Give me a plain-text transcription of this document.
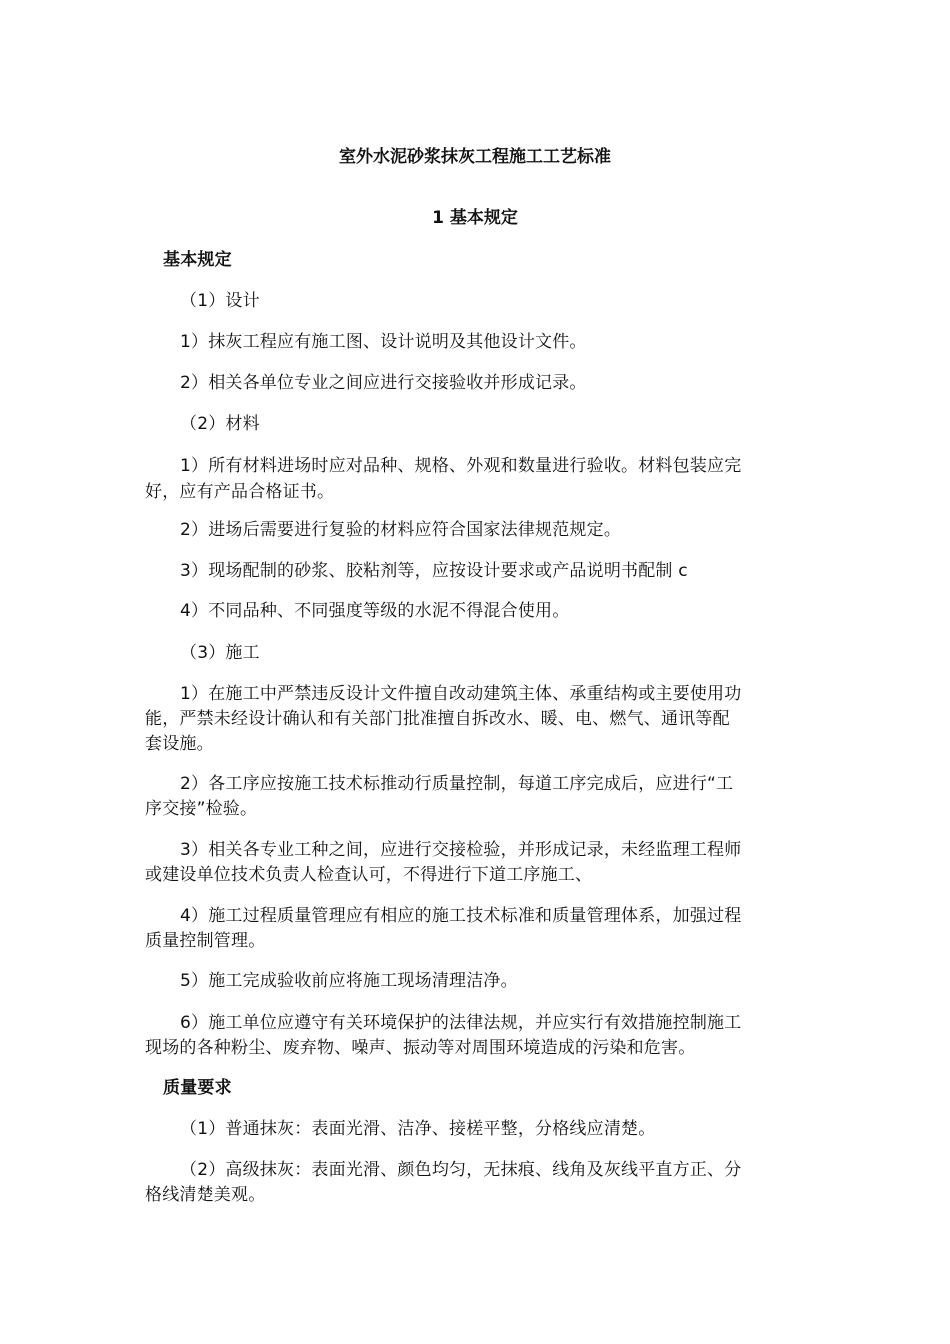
室外水泥砂浆抹灰工程施工工艺标准
1 基本规定
基本规定
（1）设计
1）抹灰工程应有施工图、设计说明及其他设计文件。
2）相关各单位专业之间应进行交接验收并形成记录。
（2）材料
1）所有材料进场时应对品种、规格、外观和数量进行验收。材料包装应完
好，应有产品合格证书。
2）进场后需要进行复验的材料应符合国家法律规范规定。
3）现场配制的砂浆、胶粘剂等，应按设计要求或产品说明书配制 c
4）不同品种、不同强度等级的水泥不得混合使用。
（3）施工
1）在施工中严禁违反设计文件擅自改动建筑主体、承重结构或主要使用功
能，严禁未经设计确认和有关部门批准擅自拆改水、暖、电、燃气、通讯等配
套设施。
2）各工序应按施工技术标推动行质量控制，每道工序完成后，应进行“工
序交接”检验。
3）相关各专业工种之间，应进行交接检验，并形成记录，未经监理工程师
或建设单位技术负责人检查认可，不得进行下道工序施工、
4）施工过程质量管理应有相应的施工技术标准和质量管理体系，加强过程
质量控制管理。
5）施工完成验收前应将施工现场清理洁净。
6）施工单位应遵守有关环境保护的法律法规，并应实行有效措施控制施工
现场的各种粉尘、废弃物、噪声、振动等对周围环境造成的污染和危害。
质量要求
（1）普通抹灰：表面光滑、洁净、接槎平整，分格线应清楚。
（2）高级抹灰：表面光滑、颜色均匀，无抹痕、线角及灰线平直方正、分
格线清楚美观。
